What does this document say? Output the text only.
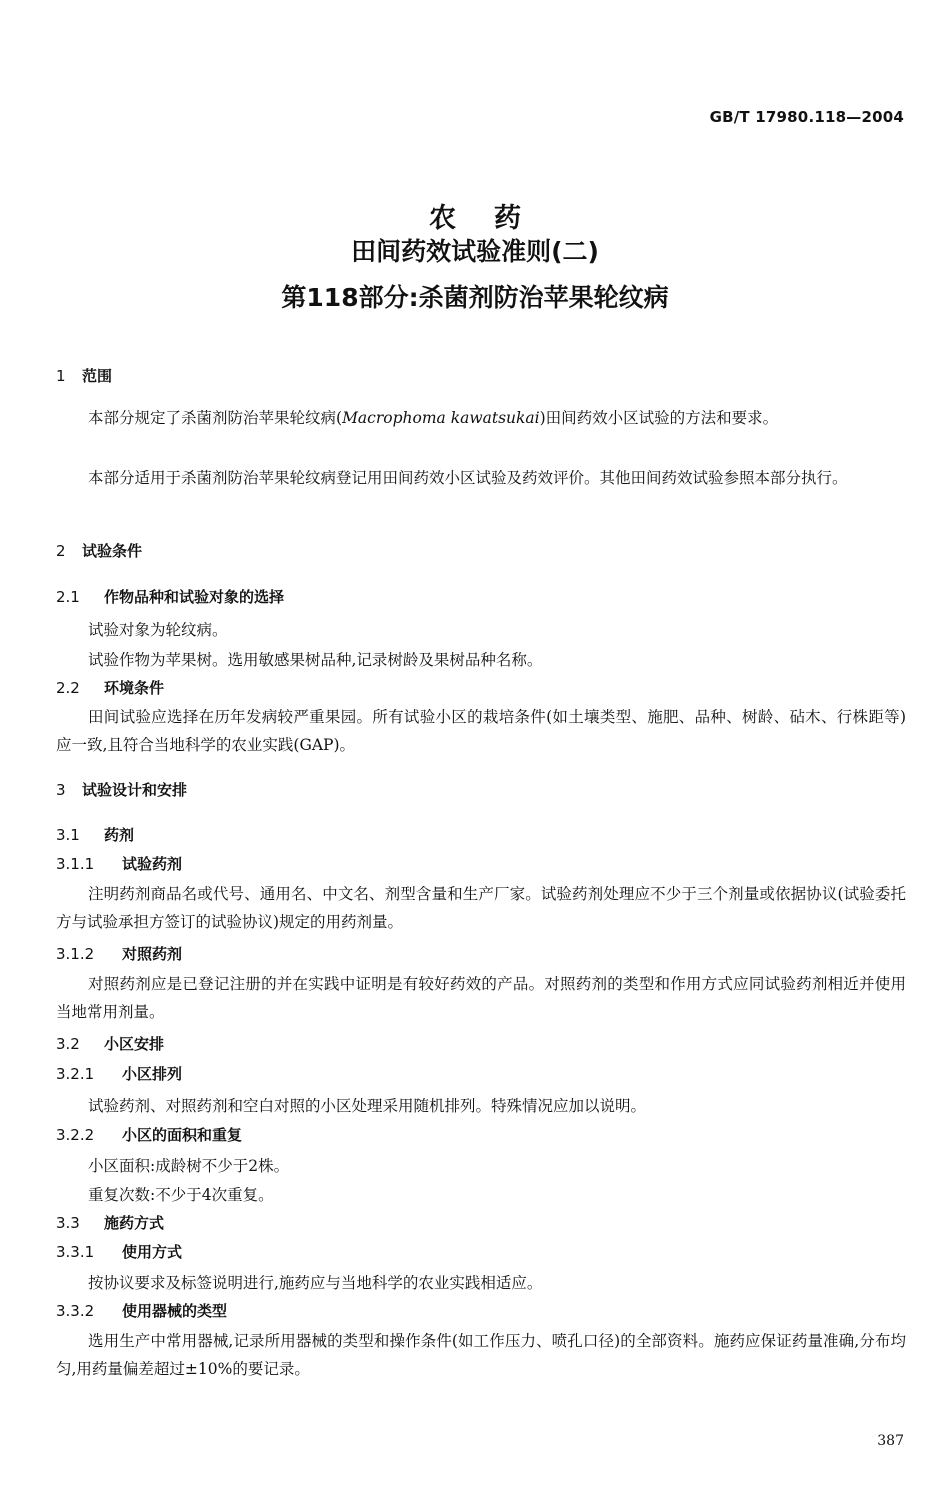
GB/T 17980.118—2004
农药
田间药效试验准则(二)
第118部分:杀菌剂防治苹果轮纹病
1 范围
本部分规定了杀菌剂防治苹果轮纹病(Macrophoma kawatsukai)田间药效小区试验的方法和要求。
本部分适用于杀菌剂防治苹果轮纹病登记用田间药效小区试验及药效评价。其他田间药效试验参照本部分执行。
2 试验条件
2.1 作物品种和试验对象的选择
试验对象为轮纹病。
试验作物为苹果树。选用敏感果树品种,记录树龄及果树品种名称。
2.2 环境条件
田间试验应选择在历年发病较严重果园。所有试验小区的栽培条件(如土壤类型、施肥、品种、树龄、砧木、行株距等)应一致,且符合当地科学的农业实践(GAP)。
3 试验设计和安排
3.1 药剂
3.1.1 试验药剂
注明药剂商品名或代号、通用名、中文名、剂型含量和生产厂家。试验药剂处理应不少于三个剂量或依据协议(试验委托方与试验承担方签订的试验协议)规定的用药剂量。
3.1.2 对照药剂
对照药剂应是已登记注册的并在实践中证明是有较好药效的产品。对照药剂的类型和作用方式应同试验药剂相近并使用当地常用剂量。
3.2 小区安排
3.2.1 小区排列
试验药剂、对照药剂和空白对照的小区处理采用随机排列。特殊情况应加以说明。
3.2.2 小区的面积和重复
小区面积:成龄树不少于2株。
重复次数:不少于4次重复。
3.3 施药方式
3.3.1 使用方式
按协议要求及标签说明进行,施药应与当地科学的农业实践相适应。
3.3.2 使用器械的类型
选用生产中常用器械,记录所用器械的类型和操作条件(如工作压力、喷孔口径)的全部资料。施药应保证药量准确,分布均匀,用药量偏差超过±10%的要记录。
387
